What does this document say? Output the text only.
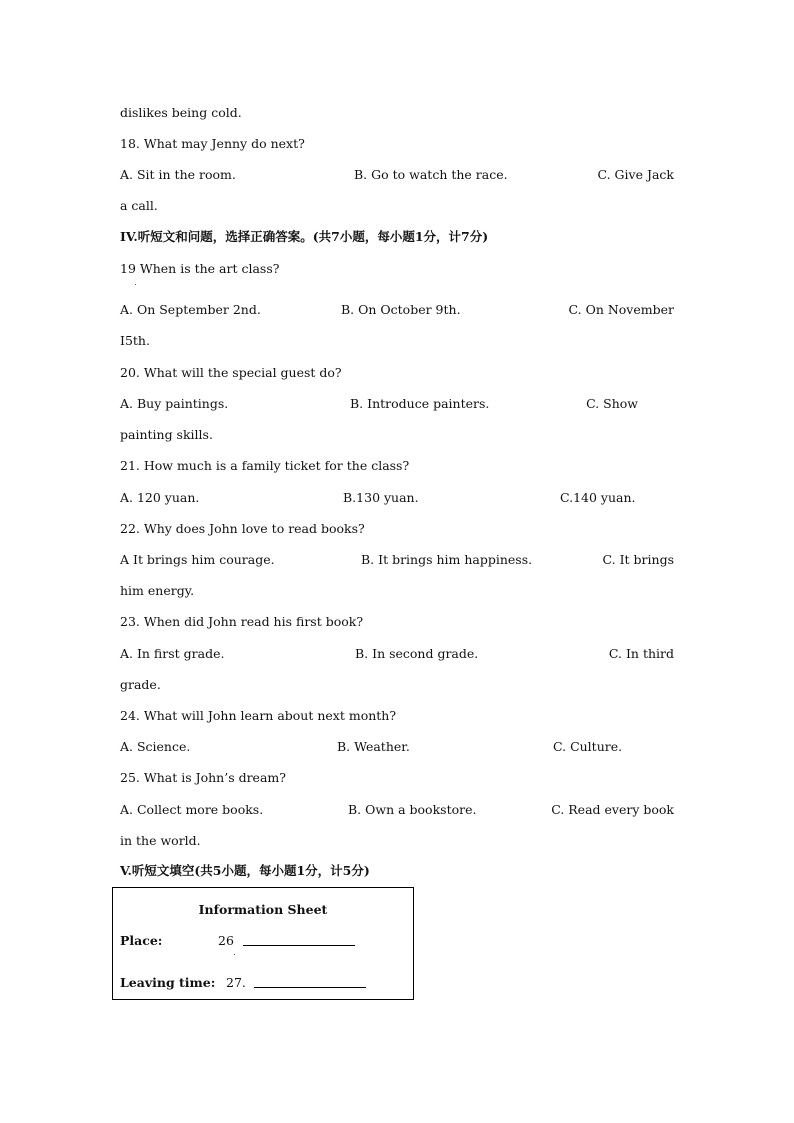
dislikes being cold.
18. What may Jenny do next?
A. Sit in the room.	B. Go to watch the race.	C. Give Jack
a call.
IV.听短文和问题，选择正确答案。(共7小题，每小题1分，计7分)
19 When is the art class?
A. On September 2nd.	B. On October 9th.	C. On November
I5th.
20. What will the special guest do?
A. Buy paintings.	B. Introduce painters.	C. Show
painting skills.
21. How much is a family ticket for the class?
A. 120 yuan.	B.130 yuan.	C.140 yuan.
22. Why does John love to read books?
A It brings him courage.	B. It brings him happiness.	C. It brings
him energy.
23. When did John read his first book?
A. In first grade.	B. In second grade.	C. In third
grade.
24. What will John learn about next month?
A. Science.	B. Weather.	C. Culture.
25. What is John’s dream?
A. Collect more books.	B. Own a bookstore.	C. Read every book
in the world.
V.听短文填空(共5小题，每小题1分，计5分)
Information Sheet
Place:	26
Leaving time: 27.
